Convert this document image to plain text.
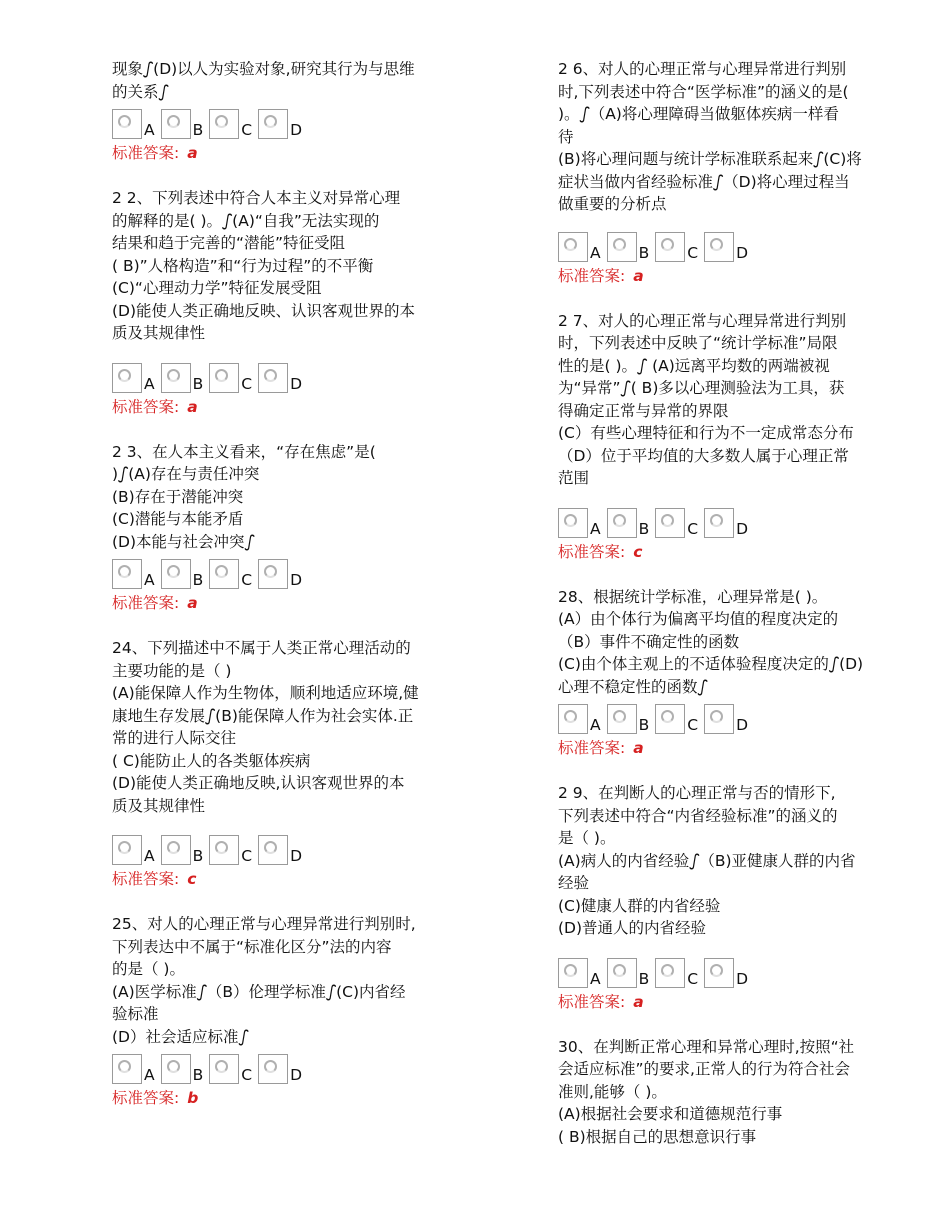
现象ഽ(D)以人为实验对象,研究其行为与思维
的关系ഽ
A B C D
标准答案: a
2 2、下列表述中符合人本主义对异常心理
的解释的是( )。ഽ(A)“自我”无法实现的
结果和趋于完善的“潜能”特征受阻
( B)”人格构造”和“行为过程”的不平衡
(C)“心理动力学”特征发展受阻
(D)能使人类正确地反映、认识客观世界的本
质及其规律性
A B C D
标准答案: a
2 3、在人本主义看来，“存在焦虑”是(
)ഽ(A)存在与责任冲突
(B)存在于潜能冲突
(C)潜能与本能矛盾
(D)本能与社会冲突ഽ
A B C D
标准答案: a
24、下列描述中不属于人类正常心理活动的
主要功能的是（ )
(A)能保障人作为生物体，顺利地适应环境,健
康地生存发展ഽ(B)能保障人作为社会实体.正
常的进行人际交往
( C)能防止人的各类躯体疾病
(D)能使人类正确地反映,认识客观世界的本
质及其规律性
A B C D
标准答案: c
25、对人的心理正常与心理异常进行判别时,
下列表达中不属于“标准化区分”法的内容
的是（ )。
(A)医学标准ഽ（B）伦理学标准ഽ(C)内省经
验标准
(D）社会适应标准ഽ
A B C D
标准答案: b
2 6、对人的心理正常与心理异常进行判别
时,下列表述中符合“医学标准”的涵义的是(
)。ഽ（A)将心理障碍当做躯体疾病一样看
待
(B)将心理问题与统计学标准联系起来ഽ(C)将
症状当做内省经验标准ഽ（D)将心理过程当
做重要的分析点
A B C D
标准答案: a
2 7、对人的心理正常与心理异常进行判别
时，下列表述中反映了“统计学标准”局限
性的是( )。ഽ (A)远离平均数的两端被视
为“异常”ഽ( B)多以心理测验法为工具，获
得确定正常与异常的界限
(C）有些心理特征和行为不一定成常态分布
（D）位于平均值的大多数人属于心理正常
范围
A B C D
标准答案: c
28、根据统计学标准，心理异常是( )。
(A）由个体行为偏离平均值的程度决定的
（B）事件不确定性的函数
(C)由个体主观上的不适体验程度决定的ഽ(D)
心理不稳定性的函数ഽ
A B C D
标准答案: a
2 9、在判断人的心理正常与否的情形下,
下列表述中符合“内省经验标准”的涵义的
是（ )。
(A)病人的内省经验ഽ（B)亚健康人群的内省
经验
(C)健康人群的内省经验
(D)普通人的内省经验
A B C D
标准答案: a
30、在判断正常心理和异常心理时,按照“社
会适应标准”的要求,正常人的行为符合社会
准则,能够（ )。
(A)根据社会要求和道德规范行事
( B)根据自己的思想意识行事
